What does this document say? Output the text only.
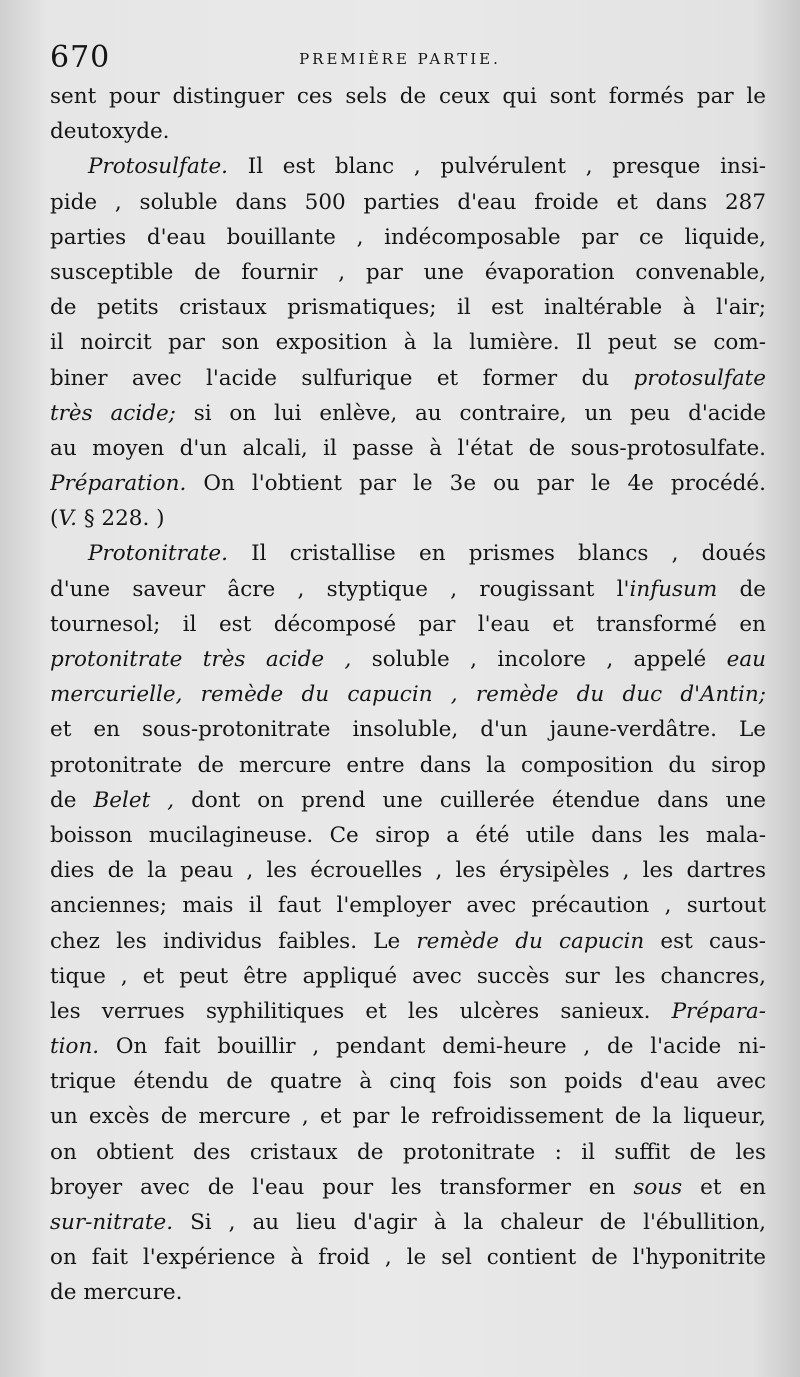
670	PREMIÈRE PARTIE.
sent pour distinguer ces sels de ceux qui sont formés par le
deutoxyde.
Protosulfate. Il est blanc , pulvérulent , presque insi-
pide , soluble dans 500 parties d'eau froide et dans 287
parties d'eau bouillante , indécomposable par ce liquide,
susceptible de fournir , par une évaporation convenable,
de petits cristaux prismatiques; il est inaltérable à l'air;
il noircit par son exposition à la lumière. Il peut se com-
biner avec l'acide sulfurique et former du protosulfate
très acide; si on lui enlève, au contraire, un peu d'acide
au moyen d'un alcali, il passe à l'état de sous-protosulfate.
Préparation. On l'obtient par le 3e ou par le 4e procédé.
(V. § 228. )
Protonitrate. Il cristallise en prismes blancs , doués
d'une saveur âcre , styptique , rougissant l'infusum de
tournesol; il est décomposé par l'eau et transformé en
protonitrate très acide , soluble , incolore , appelé eau
mercurielle, remède du capucin , remède du duc d'Antin;
et en sous-protonitrate insoluble, d'un jaune-verdâtre. Le
protonitrate de mercure entre dans la composition du sirop
de Belet , dont on prend une cuillerée étendue dans une
boisson mucilagineuse. Ce sirop a été utile dans les mala-
dies de la peau , les écrouelles , les érysipèles , les dartres
anciennes; mais il faut l'employer avec précaution , surtout
chez les individus faibles. Le remède du capucin est caus-
tique , et peut être appliqué avec succès sur les chancres,
les verrues syphilitiques et les ulcères sanieux. Prépara-
tion. On fait bouillir , pendant demi-heure , de l'acide ni-
trique étendu de quatre à cinq fois son poids d'eau avec
un excès de mercure , et par le refroidissement de la liqueur,
on obtient des cristaux de protonitrate : il suffit de les
broyer avec de l'eau pour les transformer en sous et en
sur-nitrate. Si , au lieu d'agir à la chaleur de l'ébullition,
on fait l'expérience à froid , le sel contient de l'hyponitrite
de mercure.
